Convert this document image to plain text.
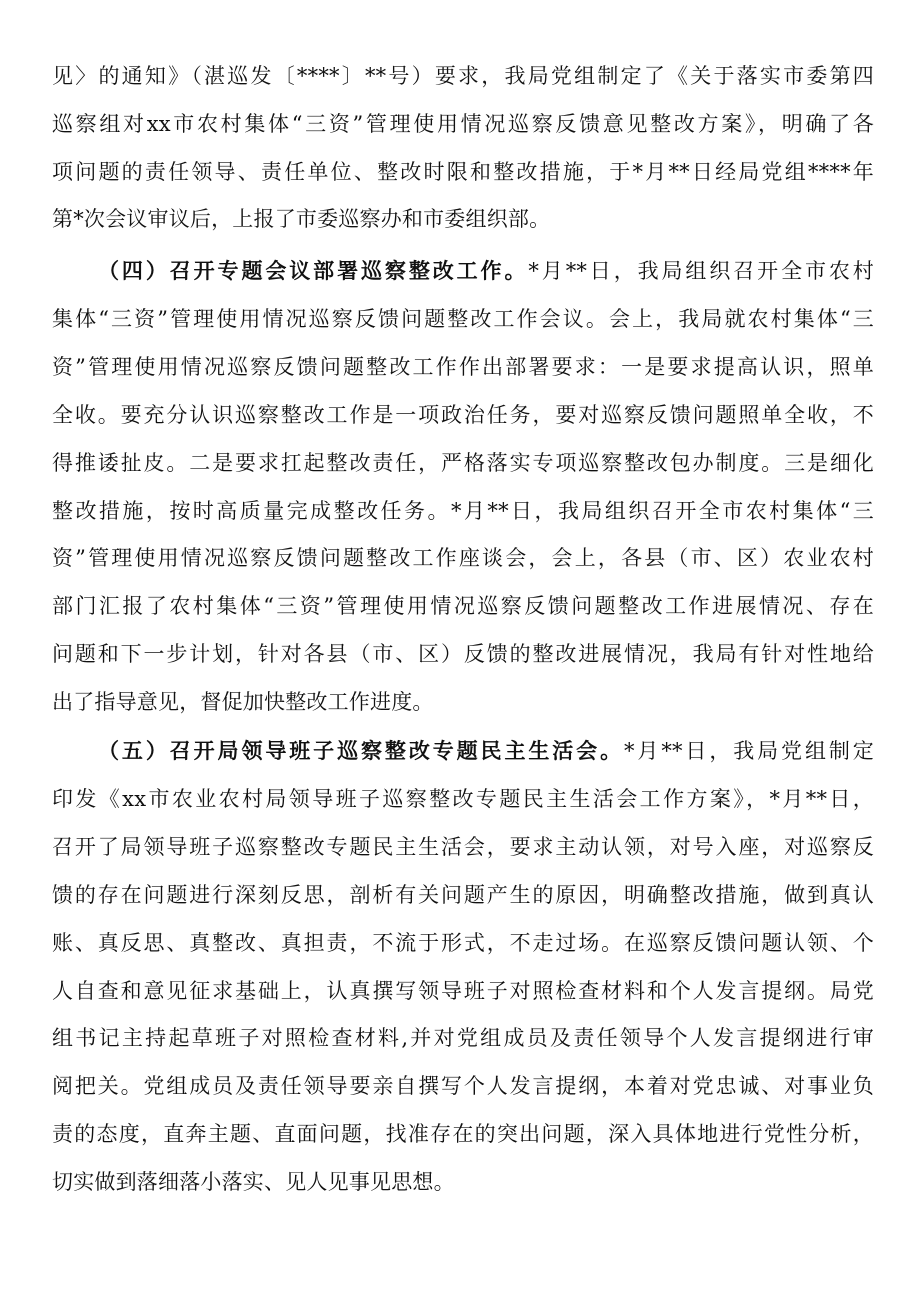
见〉的通知》（湛巡发〔****〕**号）要求，我局党组制定了《关于落实市委第四
巡察组对xx市农村集体“三资”管理使用情况巡察反馈意见整改方案》，明确了各
项问题的责任领导、责任单位、整改时限和整改措施，于*月**日经局党组****年
第*次会议审议后，上报了市委巡察办和市委组织部。
（四）召开专题会议部署巡察整改工作。*月**日，我局组织召开全市农村
集体“三资”管理使用情况巡察反馈问题整改工作会议。会上，我局就农村集体“三
资”管理使用情况巡察反馈问题整改工作作出部署要求：一是要求提高认识，照单
全收。要充分认识巡察整改工作是一项政治任务，要对巡察反馈问题照单全收，不
得推诿扯皮。二是要求扛起整改责任，严格落实专项巡察整改包办制度。三是细化
整改措施，按时高质量完成整改任务。*月**日，我局组织召开全市农村集体“三
资”管理使用情况巡察反馈问题整改工作座谈会，会上，各县（市、区）农业农村
部门汇报了农村集体“三资”管理使用情况巡察反馈问题整改工作进展情况、存在
问题和下一步计划，针对各县（市、区）反馈的整改进展情况，我局有针对性地给
出了指导意见，督促加快整改工作进度。
（五）召开局领导班子巡察整改专题民主生活会。*月**日，我局党组制定
印发《xx市农业农村局领导班子巡察整改专题民主生活会工作方案》，*月**日，
召开了局领导班子巡察整改专题民主生活会，要求主动认领，对号入座，对巡察反
馈的存在问题进行深刻反思，剖析有关问题产生的原因，明确整改措施，做到真认
账、真反思、真整改、真担责，不流于形式，不走过场。在巡察反馈问题认领、个
人自查和意见征求基础上，认真撰写领导班子对照检查材料和个人发言提纲。局党
组书记主持起草班子对照检查材料,并对党组成员及责任领导个人发言提纲进行审
阅把关。党组成员及责任领导要亲自撰写个人发言提纲，本着对党忠诚、对事业负
责的态度，直奔主题、直面问题，找准存在的突出问题，深入具体地进行党性分析，
切实做到落细落小落实、见人见事见思想。
